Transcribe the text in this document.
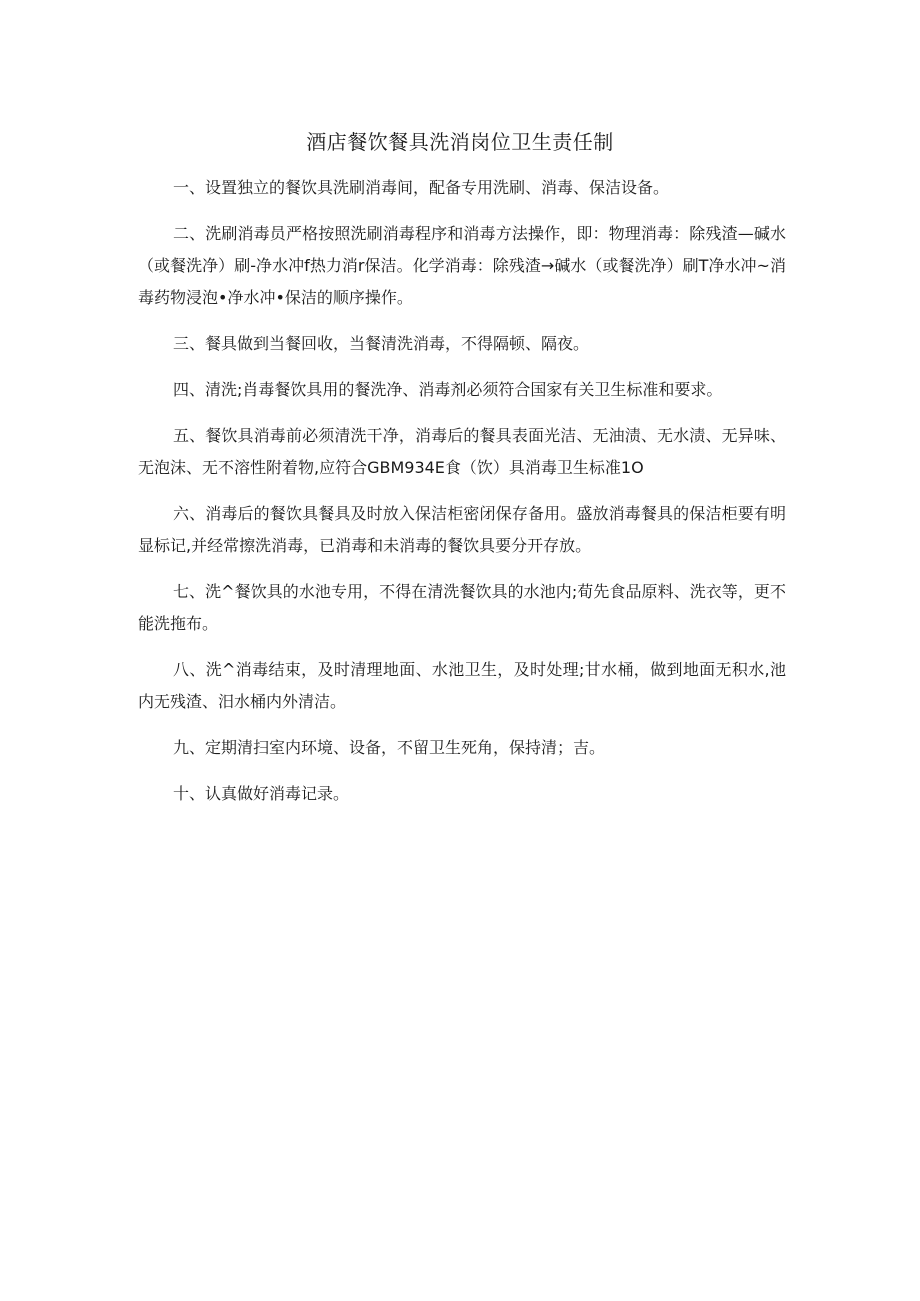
酒店餐饮餐具洗消岗位卫生责任制

一、设置独立的餐饮具洗刷消毒间，配备专用洗刷、消毒、保洁设备。

二、洗刷消毒员严格按照洗刷消毒程序和消毒方法操作，即：物理消毒：除残渣—碱水（或餐洗净）刷-净水冲f热力消r保洁。化学消毒：除残渣→碱水（或餐洗净）刷T净水冲~消毒药物浸泡•净水冲•保洁的顺序操作。

三、餐具做到当餐回收，当餐清洗消毒，不得隔顿、隔夜。

四、清洗;肖毒餐饮具用的餐洗净、消毒剂必须符合国家有关卫生标准和要求。

五、餐饮具消毒前必须清洗干净，消毒后的餐具表面光洁、无油渍、无水渍、无异味、无泡沫、无不溶性附着物,应符合GBM934E食（饮）具消毒卫生标准1O

六、消毒后的餐饮具餐具及时放入保洁柜密闭保存备用。盛放消毒餐具的保洁柜要有明显标记,并经常擦洗消毒，已消毒和未消毒的餐饮具要分开存放。

七、洗^餐饮具的水池专用，不得在清洗餐饮具的水池内;荀先食品原料、洗衣等，更不能洗拖布。

八、洗^消毒结束，及时清理地面、水池卫生，及时处理;甘水桶，做到地面无积水,池内无残渣、汨水桶内外清洁。

九、定期清扫室内环境、设备，不留卫生死角，保持清；吉。

十、认真做好消毒记录。
